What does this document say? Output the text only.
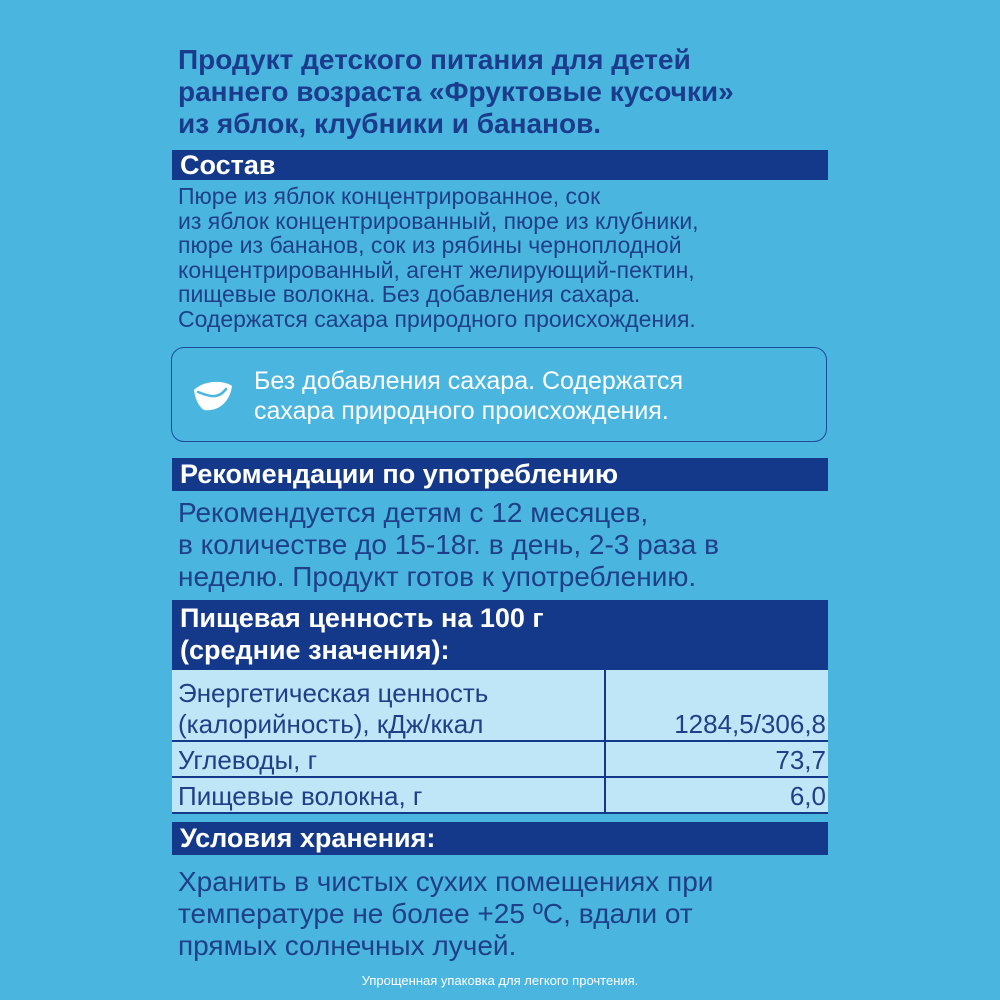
Продукт детского питания для детей
раннего возраста «Фруктовые кусочки»
из яблок, клубники и бананов.
Состав
Пюре из яблок концентрированное, сок
из яблок концентрированный, пюре из клубники,
пюре из бананов, сок из рябины черноплодной
концентрированный, агент желирующий-пектин,
пищевые волокна. Без добавления сахара.
Содержатся сахара природного происхождения.
Без добавления сахара. Содержатся
сахара природного происхождения.
Рекомендации по употреблению
Рекомендуется детям с 12 месяцев,
в количестве до 15-18г. в день, 2-3 раза в
неделю. Продукт готов к употреблению.
Пищевая ценность на 100 г
(средние значения):
Энергетическая ценность
(калорийность), кДж/ккал	1284,5/306,8
Углеводы, г	73,7
Пищевые волокна, г	6,0
Условия хранения:
Хранить в чистых сухих помещениях при
температуре не более +25 ºC, вдали от
прямых солнечных лучей.
Упрощенная упаковка для легкого прочтения.
